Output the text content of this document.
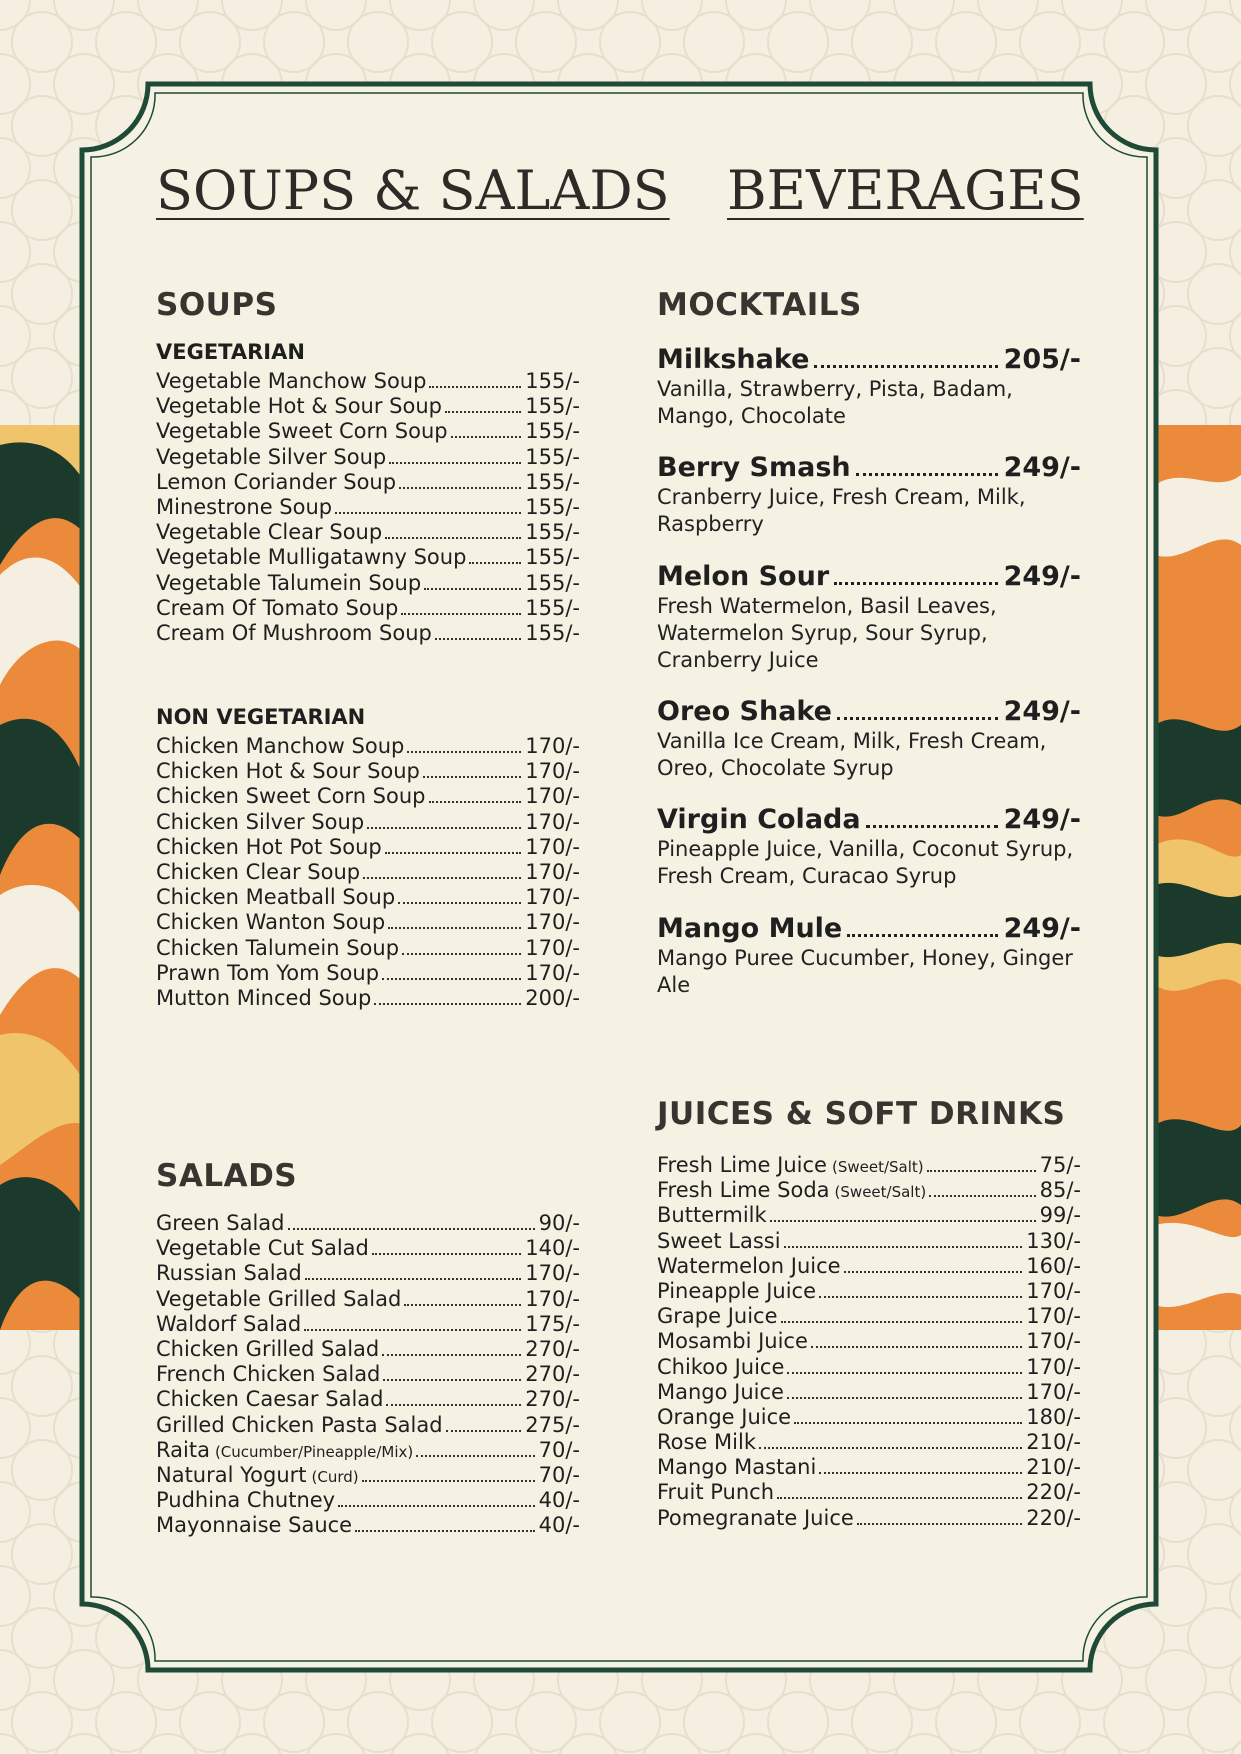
SOUPS & SALADS BEVERAGES
SOUPS
VEGETARIAN
Vegetable Manchow Soup	155/-
Vegetable Hot & Sour Soup	155/-
Vegetable Sweet Corn Soup	155/-
Vegetable Silver Soup	155/-
Lemon Coriander Soup	155/-
Minestrone Soup	155/-
Vegetable Clear Soup	155/-
Vegetable Mulligatawny Soup	155/-
Vegetable Talumein Soup	155/-
Cream Of Tomato Soup	155/-
Cream Of Mushroom Soup	155/-
NON VEGETARIAN
Chicken Manchow Soup	170/-
Chicken Hot & Sour Soup	170/-
Chicken Sweet Corn Soup	170/-
Chicken Silver Soup	170/-
Chicken Hot Pot Soup	170/-
Chicken Clear Soup	170/-
Chicken Meatball Soup	170/-
Chicken Wanton Soup	170/-
Chicken Talumein Soup	170/-
Prawn Tom Yom Soup	170/-
Mutton Minced Soup	200/-
SALADS
Green Salad	90/-
Vegetable Cut Salad	140/-
Russian Salad	170/-
Vegetable Grilled Salad	170/-
Waldorf Salad	175/-
Chicken Grilled Salad	270/-
French Chicken Salad	270/-
Chicken Caesar Salad	270/-
Grilled Chicken Pasta Salad	275/-
Raita (Cucumber/Pineapple/Mix)	70/-
Natural Yogurt (Curd)	70/-
Pudhina Chutney	40/-
Mayonnaise Sauce	40/-
MOCKTAILS
Milkshake	205/-
Vanilla, Strawberry, Pista, Badam, Mango, Chocolate
Berry Smash	249/-
Cranberry Juice, Fresh Cream, Milk, Raspberry
Melon Sour	249/-
Fresh Watermelon, Basil Leaves, Watermelon Syrup, Sour Syrup, Cranberry Juice
Oreo Shake	249/-
Vanilla Ice Cream, Milk, Fresh Cream, Oreo, Chocolate Syrup
Virgin Colada	249/-
Pineapple Juice, Vanilla, Coconut Syrup, Fresh Cream, Curacao Syrup
Mango Mule	249/-
Mango Puree Cucumber, Honey, Ginger Ale
JUICES & SOFT DRINKS
Fresh Lime Juice (Sweet/Salt)	75/-
Fresh Lime Soda (Sweet/Salt)	85/-
Buttermilk	99/-
Sweet Lassi	130/-
Watermelon Juice	160/-
Pineapple Juice	170/-
Grape Juice	170/-
Mosambi Juice	170/-
Chikoo Juice	170/-
Mango Juice	170/-
Orange Juice	180/-
Rose Milk	210/-
Mango Mastani	210/-
Fruit Punch	220/-
Pomegranate Juice	220/-
